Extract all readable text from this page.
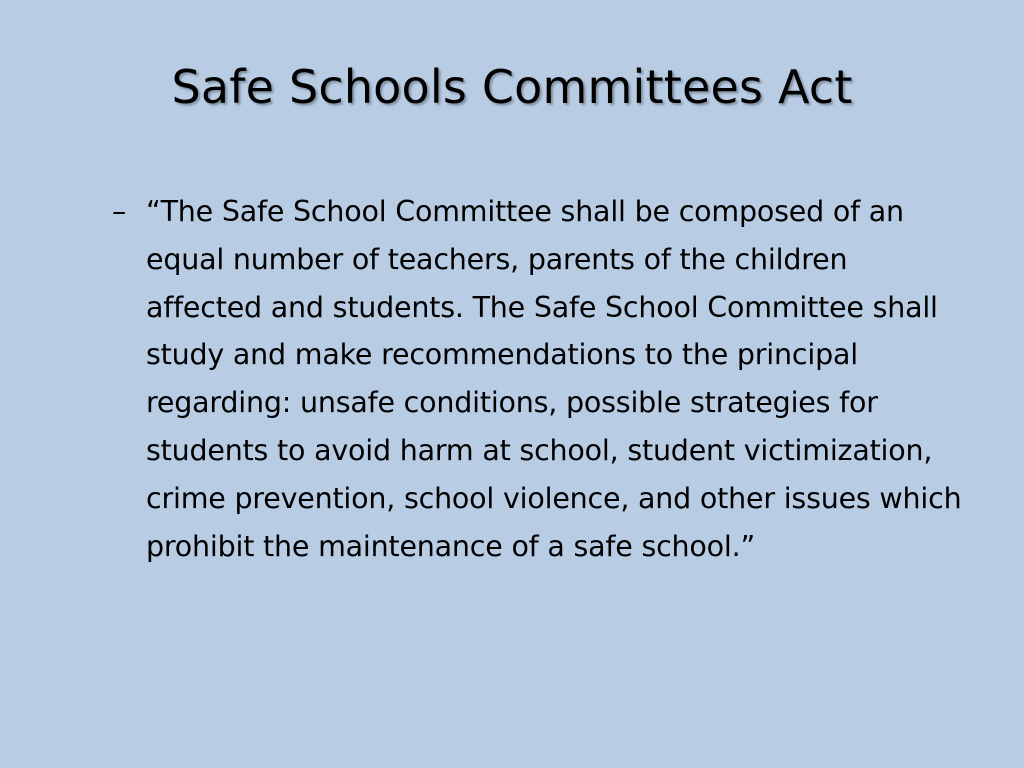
Safe Schools Committees Act
– “The Safe School Committee shall be composed of an equal number of teachers, parents of the children affected and students. The Safe School Committee shall study and make recommendations to the principal regarding: unsafe conditions, possible strategies for students to avoid harm at school, student victimization, crime prevention, school violence, and other issues which prohibit the maintenance of a safe school.”
